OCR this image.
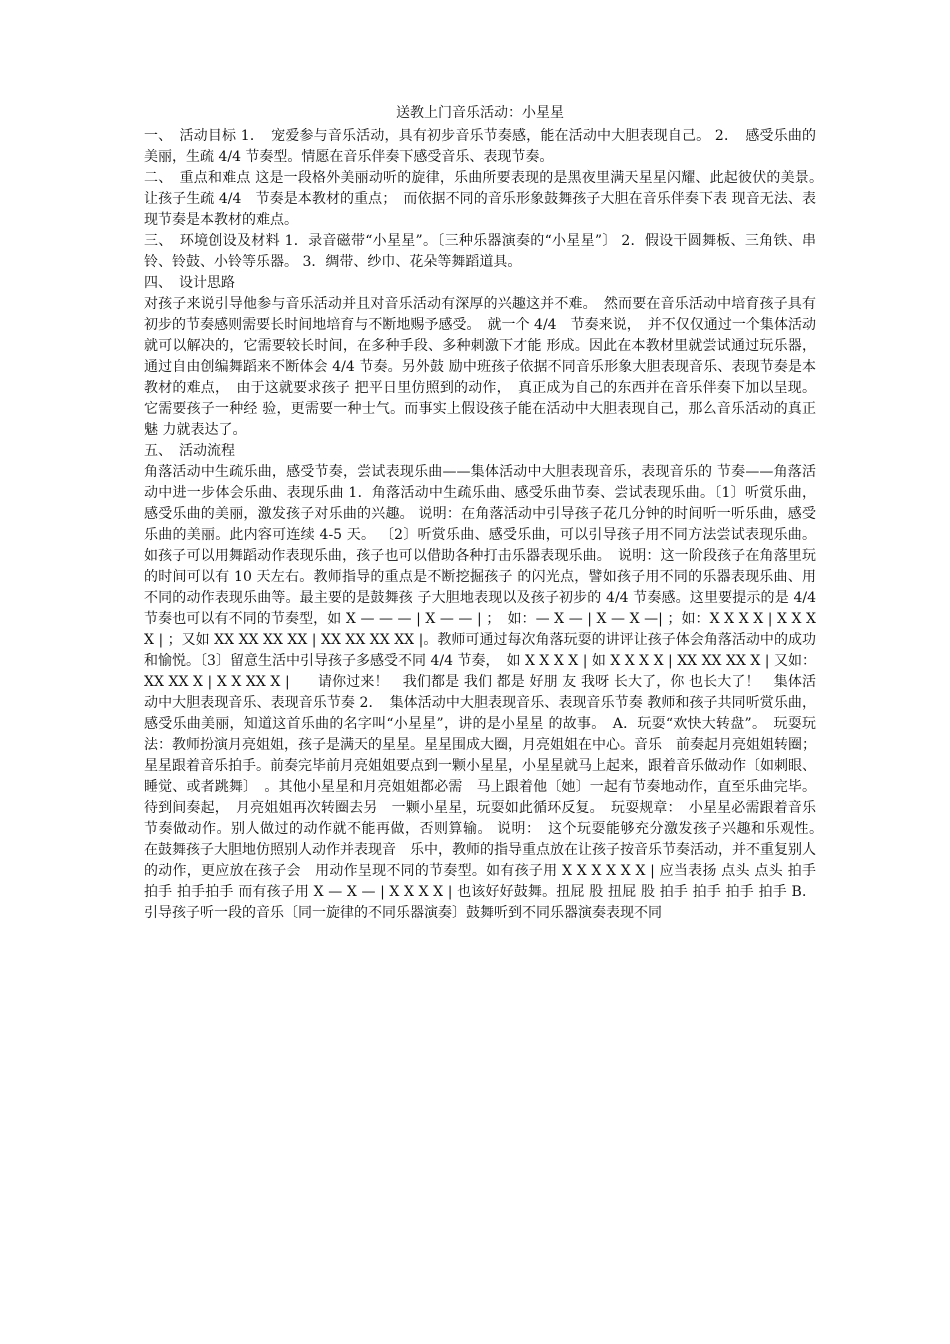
送教上门音乐活动：小星星

一、　活动目标 1．　宠爱参与音乐活动，具有初步音乐节奏感，能在活动中大胆表现自己。 2．　感受乐曲的美丽，生疏 4/4 节奏型。情愿在音乐伴奏下感受音乐、表现节奏。

二、　重点和难点 这是一段格外美丽动听的旋律，乐曲所要表现的是黑夜里满天星星闪耀、此起彼伏的美景。　让孩子生疏 4/4　节奏是本教材的重点；　而依据不同的音乐形象鼓舞孩子大胆在音乐伴奏下表 现音无法、表现节奏是本教材的难点。

三、　环境创设及材料 1．录音磁带“小星星”。〔三种乐器演奏的“小星星”〕 2．假设干圆舞板、三角铁、串铃、铃鼓、小铃等乐器。 3．绸带、纱巾、花朵等舞蹈道具。

四、　设计思路

对孩子来说引导他参与音乐活动并且对音乐活动有深厚的兴趣这并不难。　然而要在音乐活动中培育孩子具有初步的节奏感则需要长时间地培育与不断地赐予感受。　就一个 4/4　节奏来说，　并不仅仅通过一个集体活动就可以解决的，它需要较长时间，在多种手段、多种刺激下才能 形成。因此在本教材里就尝试通过玩乐器，通过自由创编舞蹈来不断体会 4/4 节奏。另外鼓 励中班孩子依据不同音乐形象大胆表现音乐、表现节奏是本教材的难点，　由于这就要求孩子 把平日里仿照到的动作，　真正成为自己的东西并在音乐伴奏下加以呈现。它需要孩子一种经 验，更需要一种士气。而事实上假设孩子能在活动中大胆表现自己，那么音乐活动的真正魅 力就表达了。

五、　活动流程

角落活动中生疏乐曲，感受节奏，尝试表现乐曲——集体活动中大胆表现音乐，表现音乐的 节奏——角落活动中进一步体会乐曲、表现乐曲 1．角落活动中生疏乐曲、感受乐曲节奏、尝试表现乐曲。〔1〕听赏乐曲，感受乐曲的美丽，激发孩子对乐曲的兴趣。 说明：在角落活动中引导孩子花几分钟的时间听一听乐曲，感受乐曲的美丽。此内容可连续 4-5 天。 〔2〕听赏乐曲、感受乐曲，可以引导孩子用不同方法尝试表现乐曲。如孩子可以用舞蹈动作表现乐曲，孩子也可以借助各种打击乐器表现乐曲。　说明：这一阶段孩子在角落里玩的时间可以有 10 天左右。教师指导的重点是不断挖掘孩子 的闪光点，譬如孩子用不同的乐器表现乐曲、用不同的动作表现乐曲等。最主要的是鼓舞孩 子大胆地表现以及孩子初步的 4/4 节奏感。这里要提示的是 4/4 节奏也可以有不同的节奏型，如 X — — — | X — — | ；　如：— X — | X — X —| ；如：X X X X | X X X X | ；又如 XX XX XX XX | XX XX XX XX |。教师可通过每次角落玩耍的讲评让孩子体会角落活动中的成功和愉悦。〔3〕留意生活中引导孩子多感受不同 4/4 节奏，　如 X X X X | 如 X X X X | XX XX XX X | 又如：XX XX X | X X XX X |　　请你过来！　我们都是 我们 都是 好朋 友 我呀 长大了，你 也长大了！　集体活动中大胆表现音乐、表现音乐节奏 2．　集体活动中大胆表现音乐、表现音乐节奏 教师和孩子共同听赏乐曲，感受乐曲美丽，知道这首乐曲的名字叫“小星星”，讲的是小星星 的故事。　A．玩耍“欢快大转盘”。　玩耍玩法：教师扮演月亮姐姐，孩子是满天的星星。星星围成大圈，月亮姐姐在中心。音乐　前奏起月亮姐姐转圈；星星跟着音乐拍手。前奏完毕前月亮姐姐要点到一颗小星星，小星星就马上起来，跟着音乐做动作〔如刺眼、睡觉、或者跳舞〕　。其他小星星和月亮姐姐都必需　马上跟着他〔她〕一起有节奏地动作，直至乐曲完毕。待到间奏起，　月亮姐姐再次转圈去另　一颗小星星，玩耍如此循环反复。　玩耍规章：　小星星必需跟着音乐节奏做动作。别人做过的动作就不能再做，否则算输。 说明：　这个玩耍能够充分激发孩子兴趣和乐观性。　在鼓舞孩子大胆地仿照别人动作并表现音　乐中，教师的指导重点放在让孩子按音乐节奏活动，并不重复别人的动作，更应放在孩子会　用动作呈现不同的节奏型。如有孩子用 X X X X X X | 应当表扬 点头 点头 拍手拍手 拍手拍手 而有孩子用 X — X — | X X X X | 也该好好鼓舞。扭屁 股 扭屁 股 拍手 拍手 拍手 拍手 B．引导孩子听一段的音乐〔同一旋律的不同乐器演奏〕鼓舞听到不同乐器演奏表现不同
